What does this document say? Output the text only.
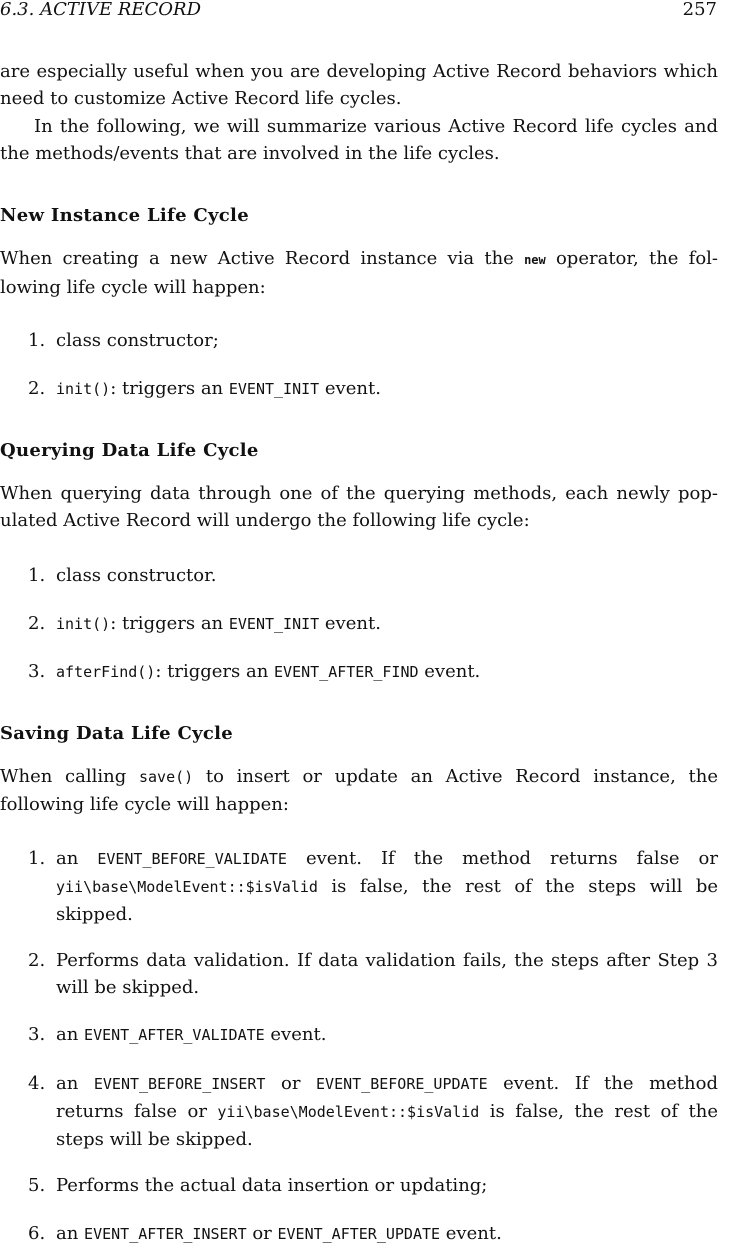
6.3. ACTIVE RECORD	257

are especially useful when you are developing Active Record behaviors which need to customize Active Record life cycles.

In the following, we will summarize various Active Record life cycles and the methods/events that are involved in the life cycles.

New Instance Life Cycle

When creating a new Active Record instance via the new operator, the fol-lowing life cycle will happen:

1. class constructor;
2. init(): triggers an EVENT_INIT event.
Querying Data Life Cycle

When querying data through one of the querying methods, each newly pop-ulated Active Record will undergo the following life cycle:

1. class constructor.
2. init(): triggers an EVENT_INIT event.
3. afterFind(): triggers an EVENT_AFTER_FIND event.
Saving Data Life Cycle

When calling save() to insert or update an Active Record instance, the following life cycle will happen:

1. an EVENT_BEFORE_VALIDATE event. If the method returns false or yii\base\ModelEvent::$isValid is false, the rest of the steps will be skipped.
2. Performs data validation. If data validation fails, the steps after Step 3 will be skipped.
3. an EVENT_AFTER_VALIDATE event.
4. an EVENT_BEFORE_INSERT or EVENT_BEFORE_UPDATE event. If the method returns false or yii\base\ModelEvent::$isValid is false, the rest of the steps will be skipped.
5. Performs the actual data insertion or updating;
6. an EVENT_AFTER_INSERT or EVENT_AFTER_UPDATE event.
